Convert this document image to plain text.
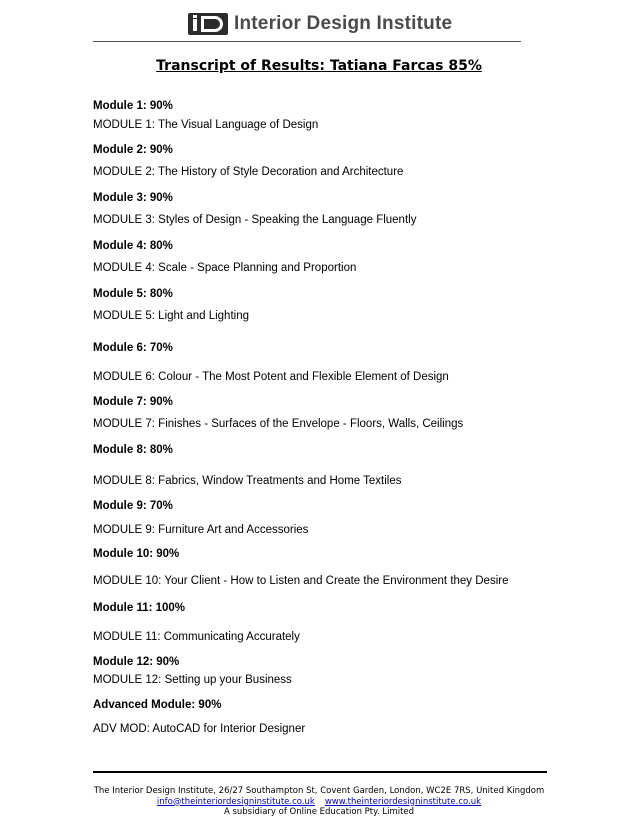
Interior Design Institute
Transcript of Results: Tatiana Farcas 85%
Module 1: 90%
MODULE 1: The Visual Language of Design
Module 2: 90%
MODULE 2: The History of Style Decoration and Architecture
Module 3: 90%
MODULE 3: Styles of Design - Speaking the Language Fluently
Module 4: 80%
MODULE 4: Scale - Space Planning and Proportion
Module 5: 80%
MODULE 5: Light and Lighting
Module 6: 70%
MODULE 6: Colour - The Most Potent and Flexible Element of Design
Module 7: 90%
MODULE 7: Finishes - Surfaces of the Envelope - Floors, Walls, Ceilings
Module 8: 80%
MODULE 8: Fabrics, Window Treatments and Home Textiles
Module 9: 70%
MODULE 9: Furniture Art and Accessories
Module 10: 90%
MODULE 10: Your Client - How to Listen and Create the Environment they Desire
Module 11: 100%
MODULE 11: Communicating Accurately
Module 12: 90%
MODULE 12: Setting up your Business
Advanced Module: 90%
ADV MOD: AutoCAD for Interior Designer
The Interior Design Institute, 26/27 Southampton St, Covent Garden, London, WC2E 7RS, United Kingdom
info@theinteriordesigninstitute.co.uk www.theinteriordesigninstitute.co.uk
A subsidiary of Online Education Pty. Limited
